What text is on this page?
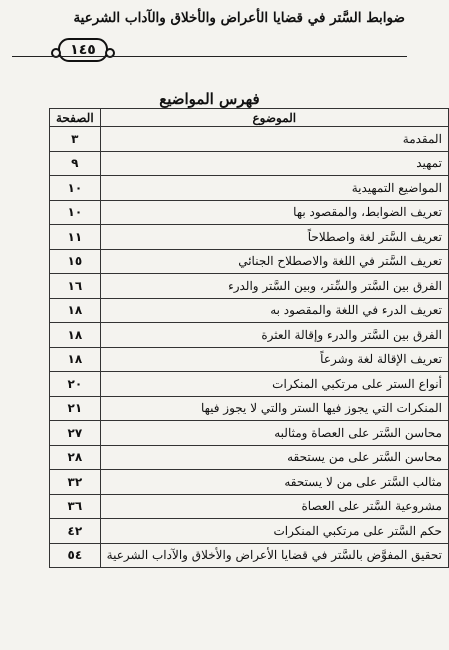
ضوابط السَّتر في قضايا الأعراض والأخلاق والآداب الشرعية
١٤٥
فهرس المواضيع
الموضوع	الصفحة
المقدمة	٣
تمهيد	٩
المواضيع التمهيدية	١٠
تعريف الضوابط، والمقصود بها	١٠
تعريف السَّتر لغة واصطلاحاً	١١
تعريف السَّتر في اللغة والاصطلاح الجنائي	١٥
الفرق بين السَّتر والسِّتر، وبين السَّتر والدرء	١٦
تعريف الدرء في اللغة والمقصود به	١٨
الفرق بين السَّتر والدرء وإقالة العثرة	١٨
تعريف الإقالة لغة وشرعاً	١٨
أنواع الستر على مرتكبي المنكرات	٢٠
المنكرات التي يجوز فيها الستر والتي لا يجوز فيها	٢١
محاسن السَّتر على العصاة ومثالبه	٢٧
محاسن السَّتر على من يستحقه	٢٨
مثالب السَّتر على من لا يستحقه	٣٢
مشروعية السَّتر على العصاة	٣٦
حكم السَّتر على مرتكبي المنكرات	٤٢
تحقيق المفوَّض بالسَّتر في قضايا الأعراض والأخلاق والآداب الشرعية	٥٤
